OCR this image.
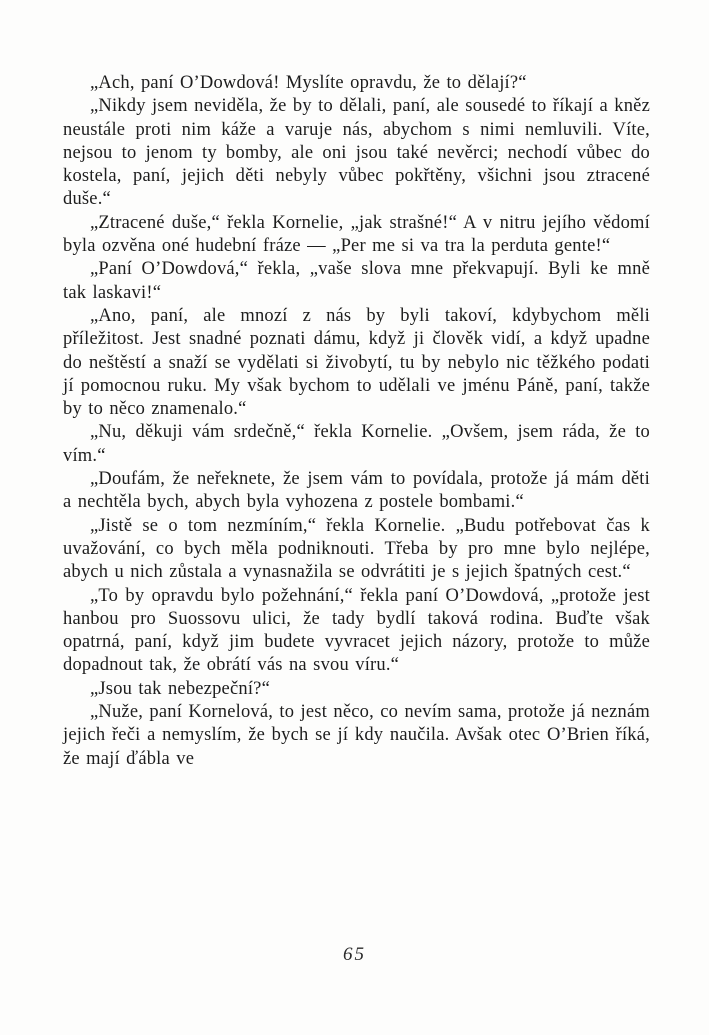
„Ach, paní O’Dowdová! Myslíte opravdu, že to dělají?“

„Nikdy jsem neviděla, že by to dělali, paní, ale sousedé to říkají a kněz neustále proti nim káže a varuje nás, abychom s nimi nemluvili. Víte, nejsou to jenom ty bomby, ale oni jsou také nevěrci; nechodí vůbec do kostela, paní, jejich děti nebyly vůbec pokřtěny, všichni jsou ztracené duše.“

„Ztracené duše,“ řekla Kornelie, „jak strašné!“ A v nitru jejího vědomí byla ozvěna oné hudební fráze — „Per me si va tra la perduta gente!“

„Paní O’Dowdová,“ řekla, „vaše slova mne překvapují. Byli ke mně tak laskavi!“

„Ano, paní, ale mnozí z nás by byli takoví, kdybychom měli příležitost. Jest snadné poznati dámu, když ji člověk vidí, a když upadne do neštěstí a snaží se vydělati si živobytí, tu by nebylo nic těžkého podati jí pomocnou ruku. My však bychom to udělali ve jménu Páně, paní, takže by to něco znamenalo.“

„Nu, děkuji vám srdečně,“ řekla Kornelie. „Ovšem, jsem ráda, že to vím.“

„Doufám, že neřeknete, že jsem vám to povídala, protože já mám děti a nechtěla bych, abych byla vyhozena z postele bombami.“

„Jistě se o tom nezmíním,“ řekla Kornelie. „Budu potřebovat čas k uvažování, co bych měla podniknouti. Třeba by pro mne bylo nejlépe, abych u nich zůstala a vynasnažila se odvrátiti je s jejich špatných cest.“

„To by opravdu bylo požehnání,“ řekla paní O’Dowdová, „protože jest hanbou pro Suossovu ulici, že tady bydlí taková rodina. Buďte však opatrná, paní, když jim budete vyvracet jejich názory, protože to může dopadnout tak, že obrátí vás na svou víru.“

„Jsou tak nebezpeční?“

„Nuže, paní Kornelová, to jest něco, co nevím sama, protože já neznám jejich řeči a nemyslím, že bych se jí kdy naučila. Avšak otec O’Brien říká, že mají ďábla ve

65
